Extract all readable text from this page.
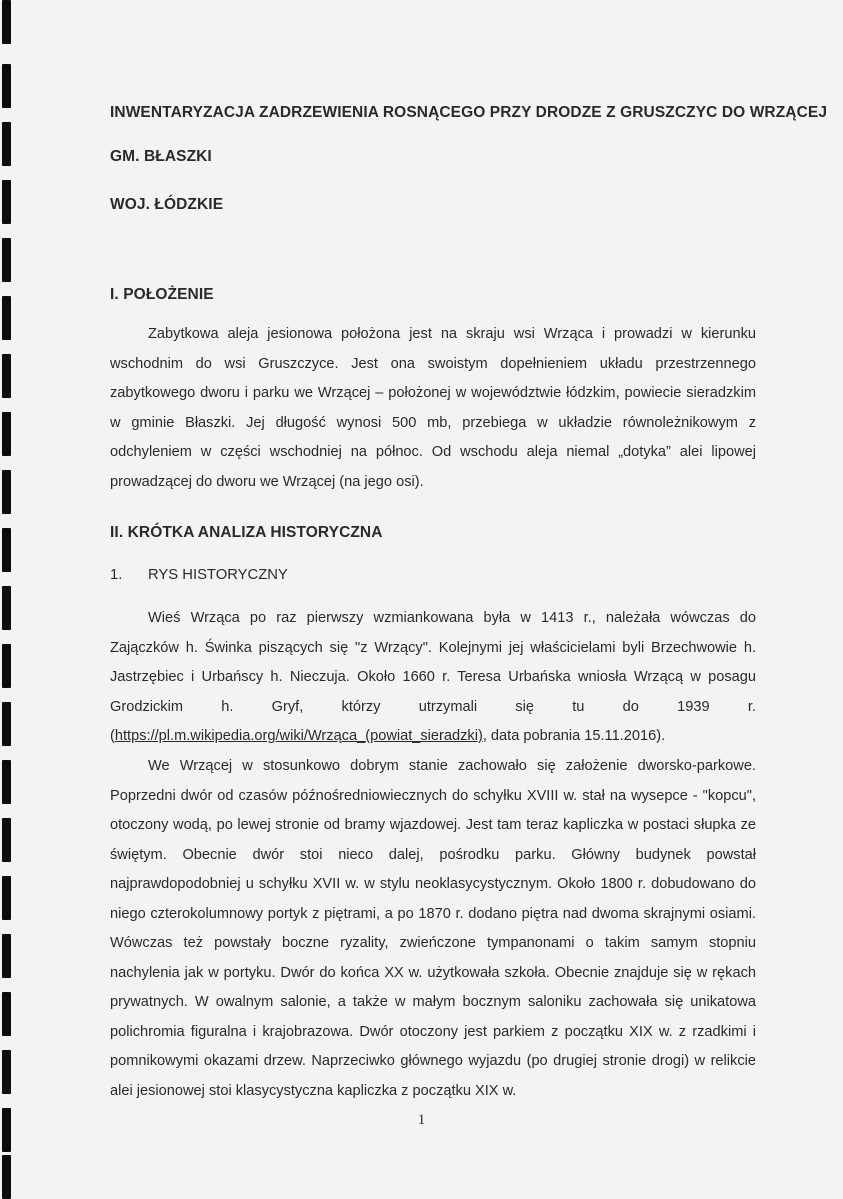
INWENTARYZACJA ZADRZEWIENIA ROSNĄCEGO PRZY DRODZE Z GRUSZCZYC DO WRZĄCEJ
GM. BŁASZKI
WOJ. ŁÓDZKIE
I. POŁOŻENIE

Zabytkowa aleja jesionowa położona jest na skraju wsi Wrząca i prowadzi w kierunku wschodnim do wsi Gruszczyce. Jest ona swoistym dopełnieniem układu przestrzennego zabytkowego dworu i parku we Wrzącej – położonej w województwie łódzkim, powiecie sieradzkim w gminie Błaszki. Jej długość wynosi 500 mb, przebiega w układzie równoleżnikowym z odchyleniem w części wschodniej na północ. Od wschodu aleja niemal „dotyka” alei lipowej prowadzącej do dworu we Wrzącej (na jego osi).

II. KRÓTKA ANALIZA HISTORYCZNA
1. RYS HISTORYCZNY

Wieś Wrząca po raz pierwszy wzmiankowana była w 1413 r., należała wówczas do Zajączków h. Świnka piszących się "z Wrzący". Kolejnymi jej właścicielami byli Brzechwowie h. Jastrzębiec i Urbańscy h. Nieczuja. Około 1660 r. Teresa Urbańska wniosła Wrzącą w posagu Grodzickim h. Gryf, którzy utrzymali się tu do 1939 r. (https://pl.m.wikipedia.org/wiki/Wrząca_(powiat_sieradzki), data pobrania 15.11.2016).

We Wrzącej w stosunkowo dobrym stanie zachowało się założenie dworsko-parkowe. Poprzedni dwór od czasów późnośredniowiecznych do schyłku XVIII w. stał na wysepce - "kopcu", otoczony wodą, po lewej stronie od bramy wjazdowej. Jest tam teraz kapliczka w postaci słupka ze świętym. Obecnie dwór stoi nieco dalej, pośrodku parku. Główny budynek powstał najprawdopodobniej u schyłku XVII w. w stylu neoklasycystycznym. Około 1800 r. dobudowano do niego czterokolumnowy portyk z piętrami, a po 1870 r. dodano piętra nad dwoma skrajnymi osiami. Wówczas też powstały boczne ryzality, zwieńczone tympanonami o takim samym stopniu nachylenia jak w portyku. Dwór do końca XX w. użytkowała szkoła. Obecnie znajduje się w rękach prywatnych. W owalnym salonie, a także w małym bocznym saloniku zachowała się unikatowa polichromia figuralna i krajobrazowa. Dwór otoczony jest parkiem z początku XIX w. z rzadkimi i pomnikowymi okazami drzew. Naprzeciwko głównego wyjazdu (po drugiej stronie drogi) w relikcie alei jesionowej stoi klasycystyczna kapliczka z początku XIX w.

1
